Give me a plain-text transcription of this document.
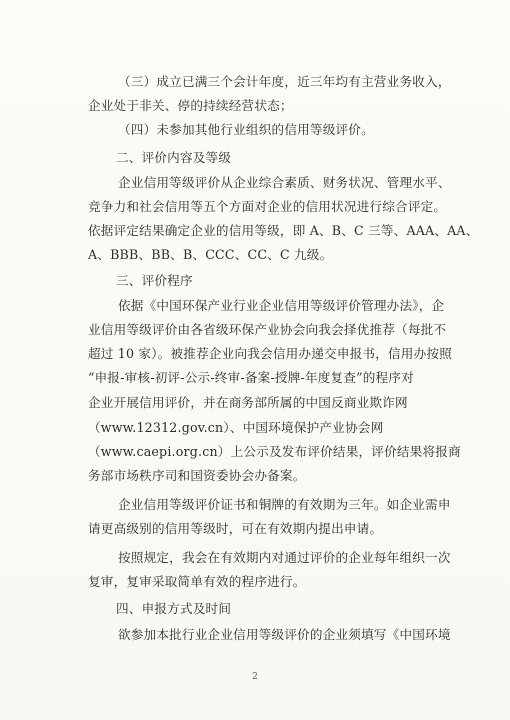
（三）成立已满三个会计年度，近三年均有主营业务收入，
企业处于非关、停的持续经营状态；
（四）未参加其他行业组织的信用等级评价。
二、评价内容及等级
企业信用等级评价从企业综合素质、财务状况、管理水平、
竞争力和社会信用等五个方面对企业的信用状况进行综合评定。
依据评定结果确定企业的信用等级，即 A、B、C 三等、AAA、AA、
A、BBB、BB、B、CCC、CC、C 九级。
三、评价程序
依据《中国环保产业行业企业信用等级评价管理办法》，企
业信用等级评价由各省级环保产业协会向我会择优推荐（每批不
超过 10 家）。被推荐企业向我会信用办递交申报书，信用办按照
“申报-审核-初评-公示-终审-备案-授牌-年度复查”的程序对
企业开展信用评价，并在商务部所属的中国反商业欺诈网
（www.12312.gov.cn）、中国环境保护产业协会网
（www.caepi.org.cn）上公示及发布评价结果，评价结果将报商
务部市场秩序司和国资委协会办备案。
企业信用等级评价证书和铜牌的有效期为三年。如企业需申
请更高级别的信用等级时，可在有效期内提出申请。
按照规定，我会在有效期内对通过评价的企业每年组织一次
复审，复审采取简单有效的程序进行。
四、申报方式及时间
欲参加本批行业企业信用等级评价的企业须填写《中国环境
2
